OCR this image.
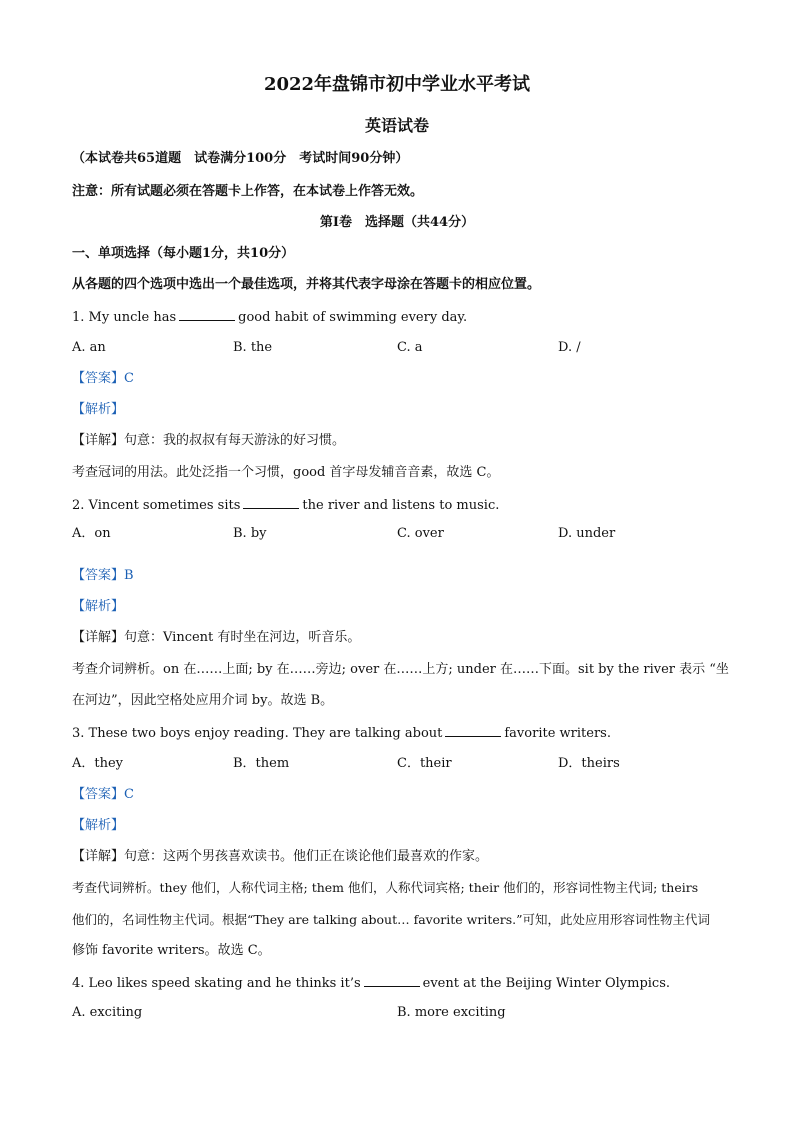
2022年盘锦市初中学业水平考试
英语试卷
（本试卷共65道题　试卷满分100分　考试时间90分钟）
注意：所有试题必须在答题卡上作答，在本试卷上作答无效。
第Ⅰ卷　选择题（共44分）
一、单项选择（每小题1分，共10分）
从各题的四个选项中选出一个最佳选项，并将其代表字母涂在答题卡的相应位置。
1. My uncle has	good habit of swimming every day.
A. an	B. the	C. a	D. /
【答案】C
【解析】
【详解】句意：我的叔叔有每天游泳的好习惯。
考查冠词的用法。此处泛指一个习惯，good 首字母发辅音音素，故选 C。
2. Vincent sometimes sits	the river and listens to music.
A．on	B. by	C. over	D. under
【答案】B
【解析】
【详解】句意：Vincent 有时坐在河边，听音乐。
考查介词辨析。on 在……上面; by 在……旁边; over 在……上方; under 在……下面。sit by the river 表示 “坐
在河边”，因此空格处应用介词 by。故选 B。
3. These two boys enjoy reading. They are talking about	favorite writers.
A．they	B．them	C．their	D．theirs
【答案】C
【解析】
【详解】句意：这两个男孩喜欢读书。他们正在谈论他们最喜欢的作家。
考查代词辨析。they 他们，人称代词主格; them 他们，人称代词宾格; their 他们的，形容词性物主代词; theirs
他们的，名词性物主代词。根据“They are talking about… favorite writers.”可知，此处应用形容词性物主代词
修饰 favorite writers。故选 C。
4. Leo likes speed skating and he thinks it’s	event at the Beijing Winter Olympics.
A. exciting	B. more exciting
